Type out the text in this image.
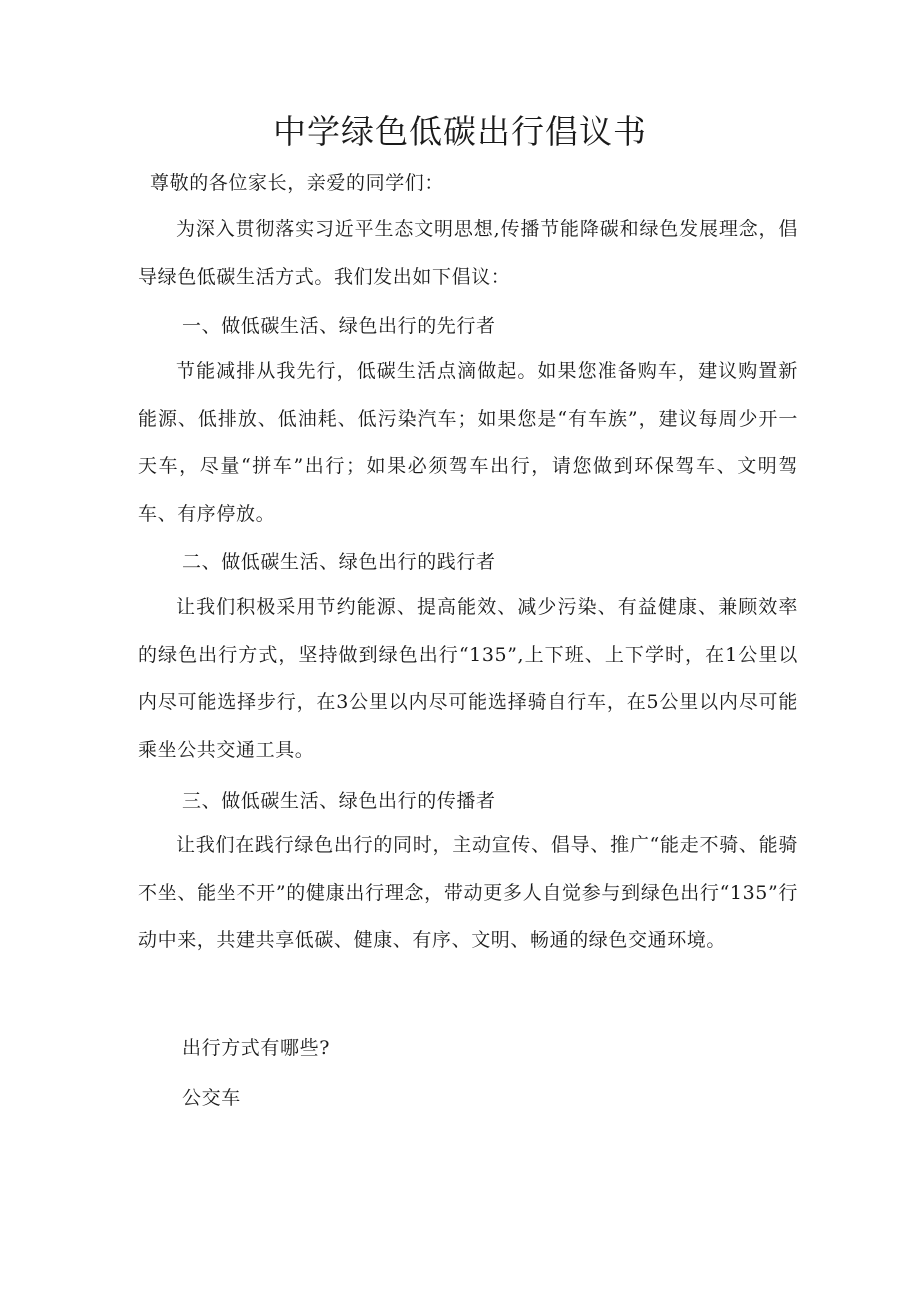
中学绿色低碳出行倡议书

尊敬的各位家长，亲爱的同学们：

为深入贯彻落实习近平生态文明思想,传播节能降碳和绿色发展理念，倡导绿色低碳生活方式。我们发出如下倡议：

一、做低碳生活、绿色出行的先行者

节能减排从我先行，低碳生活点滴做起。如果您准备购车，建议购置新能源、低排放、低油耗、低污染汽车；如果您是“有车族”，建议每周少开一天车，尽量“拼车”出行；如果必须驾车出行，请您做到环保驾车、文明驾车、有序停放。

二、做低碳生活、绿色出行的践行者

让我们积极采用节约能源、提高能效、减少污染、有益健康、兼顾效率的绿色出行方式，坚持做到绿色出行“135”,上下班、上下学时，在1公里以内尽可能选择步行，在3公里以内尽可能选择骑自行车，在5公里以内尽可能乘坐公共交通工具。

三、做低碳生活、绿色出行的传播者

让我们在践行绿色出行的同时，主动宣传、倡导、推广“能走不骑、能骑不坐、能坐不开”的健康出行理念，带动更多人自觉参与到绿色出行“135”行动中来，共建共享低碳、健康、有序、文明、畅通的绿色交通环境。

出行方式有哪些?

公交车
